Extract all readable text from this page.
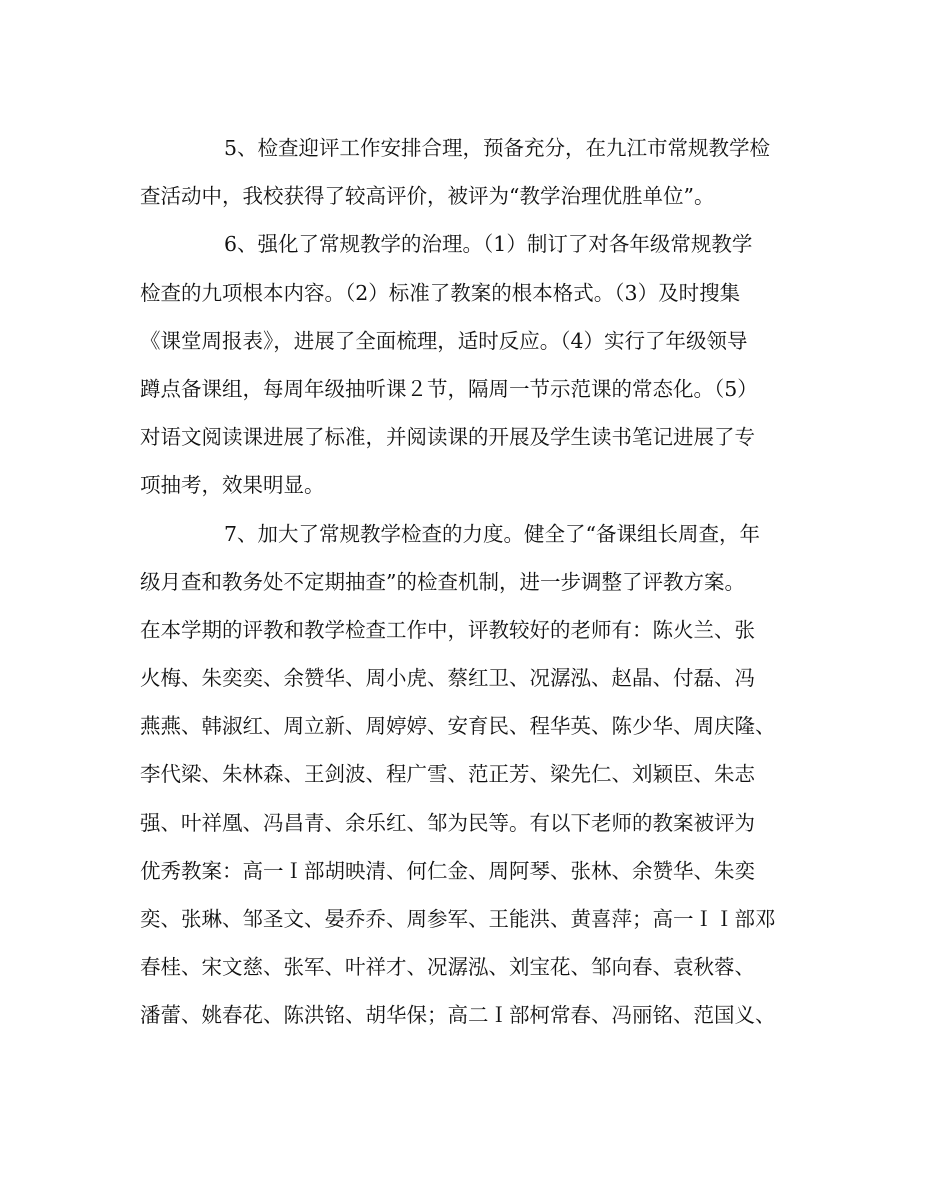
5、检查迎评工作安排合理，预备充分，在九江市常规教学检
查活动中，我校获得了较高评价，被评为“教学治理优胜单位”。
6、强化了常规教学的治理。（1）制订了对各年级常规教学
检查的九项根本内容。（2）标准了教案的根本格式。（3）及时搜集
《课堂周报表》，进展了全面梳理，适时反应。（4）实行了年级领导
蹲点备课组，每周年级抽听课２节，隔周一节示范课的常态化。（5）
对语文阅读课进展了标准，并阅读课的开展及学生读书笔记进展了专
项抽考，效果明显。
7、加大了常规教学检查的力度。健全了“备课组长周查，年
级月查和教务处不定期抽查”的检查机制，进一步调整了评教方案。
在本学期的评教和教学检查工作中，评教较好的老师有：陈火兰、张
火梅、朱奕奕、余赞华、周小虎、蔡红卫、况潺泓、赵晶、付磊、冯
燕燕、韩淑红、周立新、周婷婷、安育民、程华英、陈少华、周庆隆、
李代梁、朱林森、王剑波、程广雪、范正芳、梁先仁、刘颖臣、朱志
强、叶祥凰、冯昌青、余乐红、邹为民等。有以下老师的教案被评为
优秀教案：高一Ｉ部胡映清、何仁金、周阿琴、张林、余赞华、朱奕
奕、张琳、邹圣文、晏乔乔、周参军、王能洪、黄喜萍；高一ＩＩ部邓
春桂、宋文慈、张军、叶祥才、况潺泓、刘宝花、邹向春、袁秋蓉、
潘蕾、姚春花、陈洪铭、胡华保；高二Ｉ部柯常春、冯丽铭、范国义、
